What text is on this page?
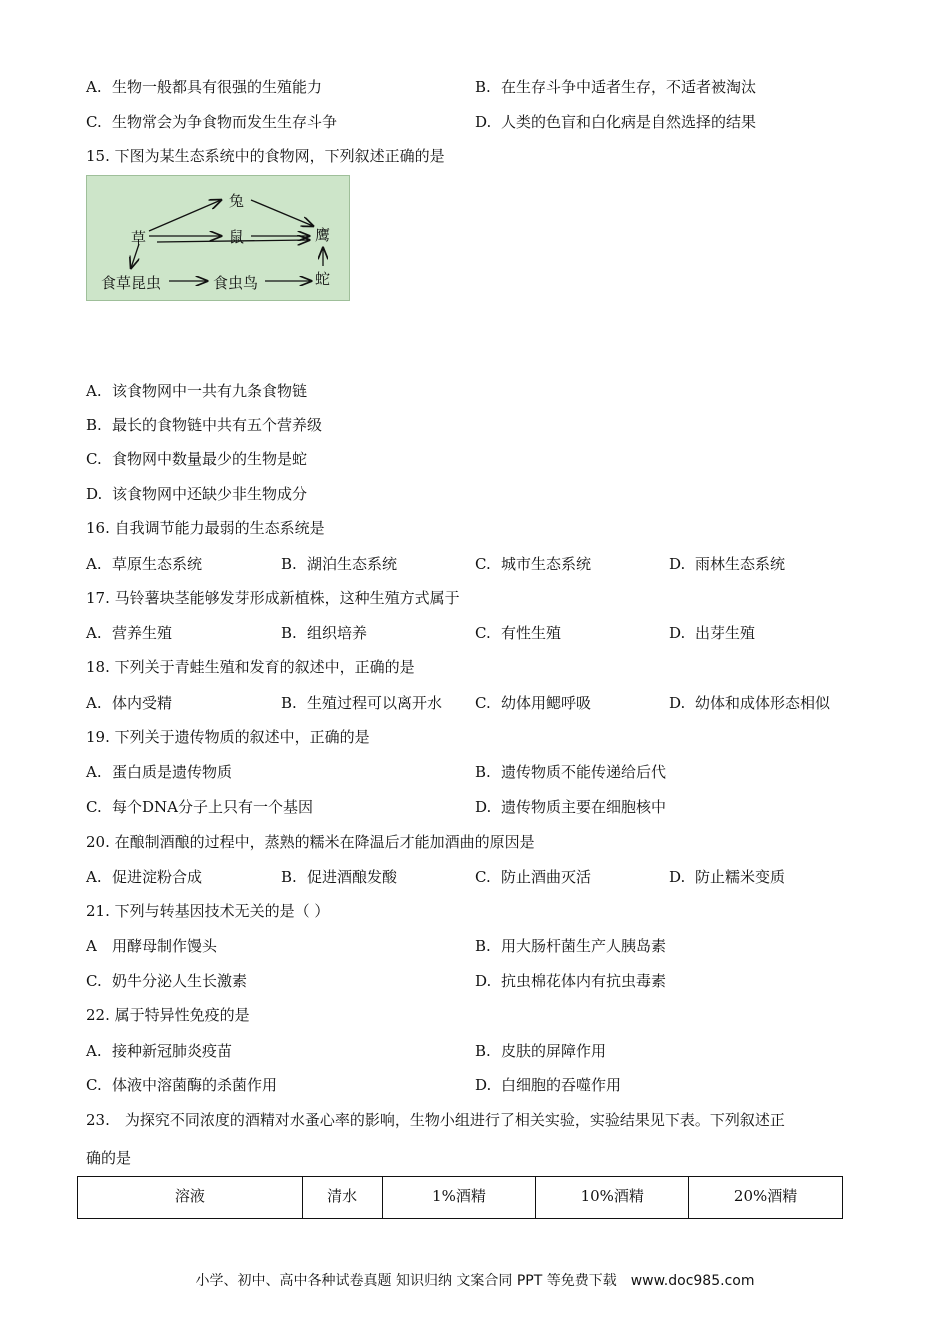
A. 生物一般都具有很强的生殖能力	B. 在生存斗争中适者生存，不适者被淘汰
C. 生物常会为争食物而发生生存斗争	D. 人类的色盲和白化病是自然选择的结果
15. 下图为某生态系统中的食物网，下列叙述正确的是
草
兔
鼠	鹰
食草昆虫	食虫鸟	蛇
A. 该食物网中一共有九条食物链
B. 最长的食物链中共有五个营养级
C. 食物网中数量最少的生物是蛇
D. 该食物网中还缺少非生物成分
16. 自我调节能力最弱的生态系统是
A. 草原生态系统	B. 湖泊生态系统	C. 城市生态系统	D. 雨林生态系统
17. 马铃薯块茎能够发芽形成新植株，这种生殖方式属于
A. 营养生殖	B. 组织培养	C. 有性生殖	D. 出芽生殖
18. 下列关于青蛙生殖和发育的叙述中，正确的是
A. 体内受精	B. 生殖过程可以离开水 C. 幼体用鳃呼吸	D. 幼体和成体形态相似
19. 下列关于遗传物质的叙述中，正确的是
A. 蛋白质是遗传物质	B. 遗传物质不能传递给后代
C. 每个DNA分子上只有一个基因	D. 遗传物质主要在细胞核中
20. 在酿制酒酿的过程中，蒸熟的糯米在降温后才能加酒曲的原因是
A. 促进淀粉合成	B. 促进酒酿发酸	C. 防止酒曲灭活	D. 防止糯米变质
21. 下列与转基因技术无关的是（ ）
A 用酵母制作馒头	B. 用大肠杆菌生产人胰岛素
C. 奶牛分泌人生长激素	D. 抗虫棉花体内有抗虫毒素
22. 属于特异性免疫的是
A. 接种新冠肺炎疫苗	B. 皮肤的屏障作用
C. 体液中溶菌酶的杀菌作用	D. 白细胞的吞噬作用
23.　为探究不同浓度的酒精对水蚤心率的影响，生物小组进行了相关实验，实验结果见下表。下列叙述正
确的是
溶液	清水	1%酒精	10%酒精	20%酒精
小学、初中、高中各种试卷真题 知识归纳 文案合同 PPT 等免费下载　www.doc985.com
